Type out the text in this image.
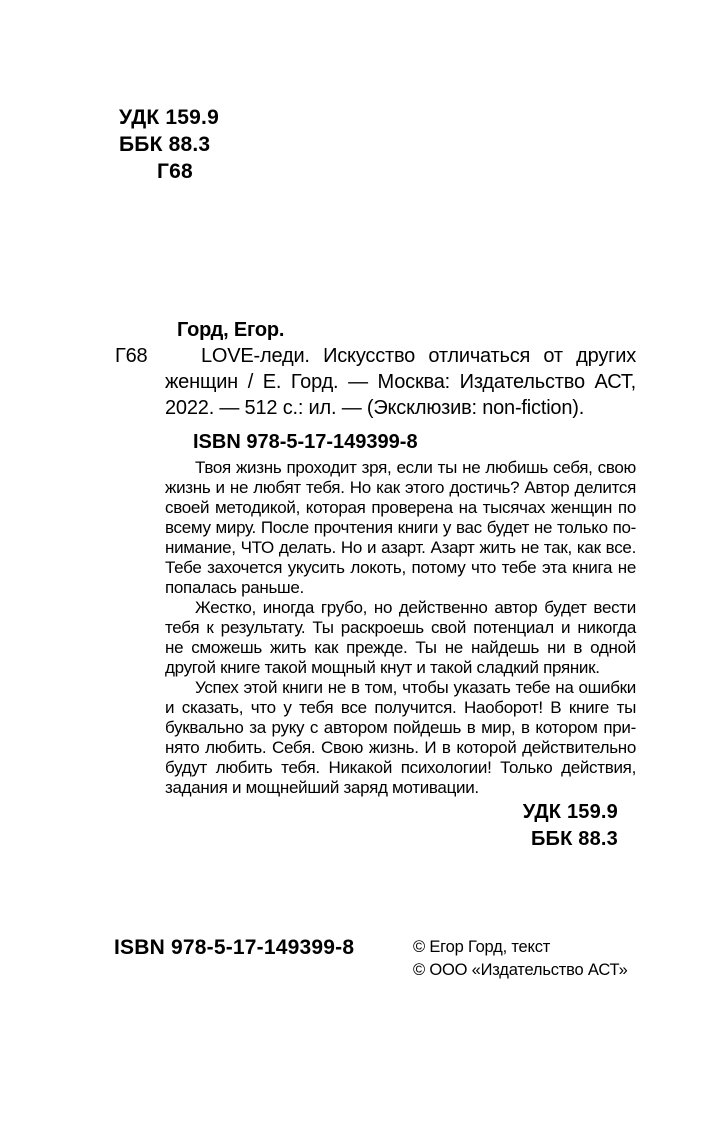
УДК 159.9
ББК 88.3
Г68
Г68
Горд, Егор.
LOVE-леди. Искусство отличаться от других
женщин / Е. Горд. — Москва: Издательство АСТ,
2022. — 512 с.: ил. — (Эксклюзив: non-fiction).
ISBN 978-5-17-149399-8
Твоя жизнь проходит зря, если ты не любишь себя, свою
жизнь и не любят тебя. Но как этого достичь? Автор делится
своей методикой, которая проверена на тысячах женщин по
всему миру. После прочтения книги у вас будет не только по-
нимание, ЧТО делать. Но и азарт. Азарт жить не так, как все.
Тебе захочется укусить локоть, потому что тебе эта книга не
попалась раньше.
Жестко, иногда грубо, но действенно автор будет вести
тебя к результату. Ты раскроешь свой потенциал и никогда
не сможешь жить как прежде. Ты не найдешь ни в одной
другой книге такой мощный кнут и такой сладкий пряник.
Успех этой книги не в том, чтобы указать тебе на ошибки
и сказать, что у тебя все получится. Наоборот! В книге ты
буквально за руку с автором пойдешь в мир, в котором при-
нято любить. Себя. Свою жизнь. И в которой действительно
будут любить тебя. Никакой психологии! Только действия,
задания и мощнейший заряд мотивации.
УДК 159.9
ББК 88.3
ISBN 978-5-17-149399-8	© Егор Горд, текст
© ООО «Издательство АСТ»
